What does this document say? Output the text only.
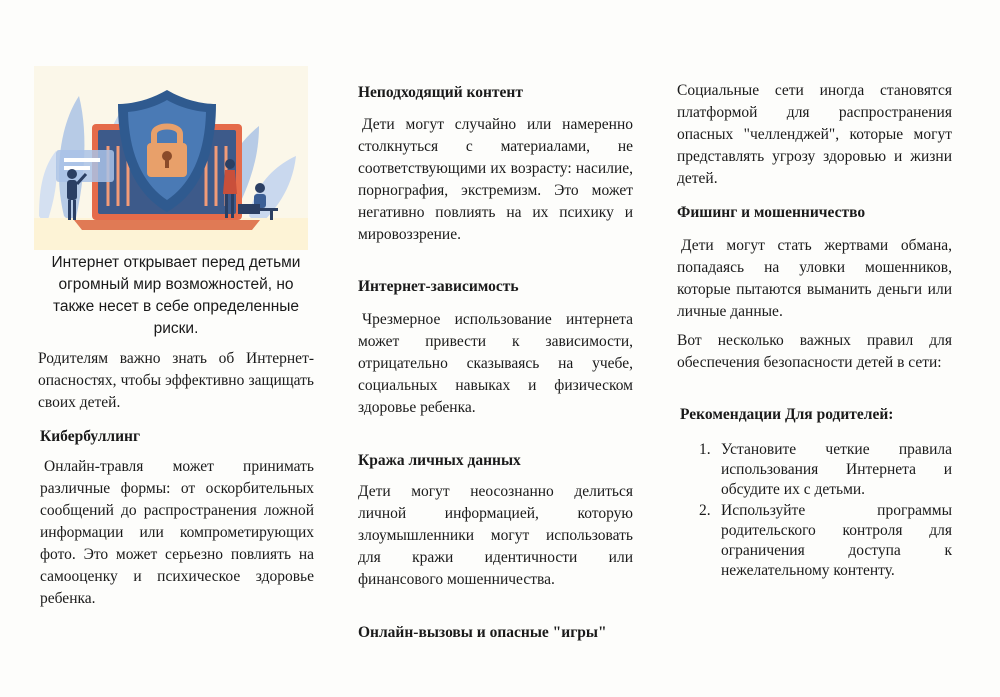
Интернет открывает перед детьми огромный мир возможностей, но также несет в себе определенные риски.

Родителям важно знать об Интернет-опасностях, чтобы эффективно защищать своих детей.

Кибербуллинг

Онлайн-травля может принимать различные формы: от оскорбительных сообщений до распространения ложной информации или компрометирующих фото. Это может серьезно повлиять на самооценку и психическое здоровье ребенка.

Неподходящий контент

Дети могут случайно или намеренно столкнуться с материалами, не соответствующими их возрасту: насилие, порнография, экстремизм. Это может негативно повлиять на их психику и мировоззрение.

Интернет-зависимость

Чрезмерное использование интернета может привести к зависимости, отрицательно сказываясь на учебе, социальных навыках и физическом здоровье ребенка.

Кража личных данных

Дети могут неосознанно делиться личной информацией, которую злоумышленники могут использовать для кражи идентичности или финансового мошенничества.

Онлайн-вызовы и опасные "игры"

Социальные сети иногда становятся платформой для распространения опасных "челленджей", которые могут представлять угрозу здоровью и жизни детей.

Фишинг и мошенничество

Дети могут стать жертвами обмана, попадаясь на уловки мошенников, которые пытаются выманить деньги или личные данные.

Вот несколько важных правил для обеспечения безопасности детей в сети:

Рекомендации Для родителей:
1. Установите четкие правила использования Интернета и обсудите их с детьми.
2. Используйте программы родительского контроля для ограничения доступа к нежелательному контенту.
